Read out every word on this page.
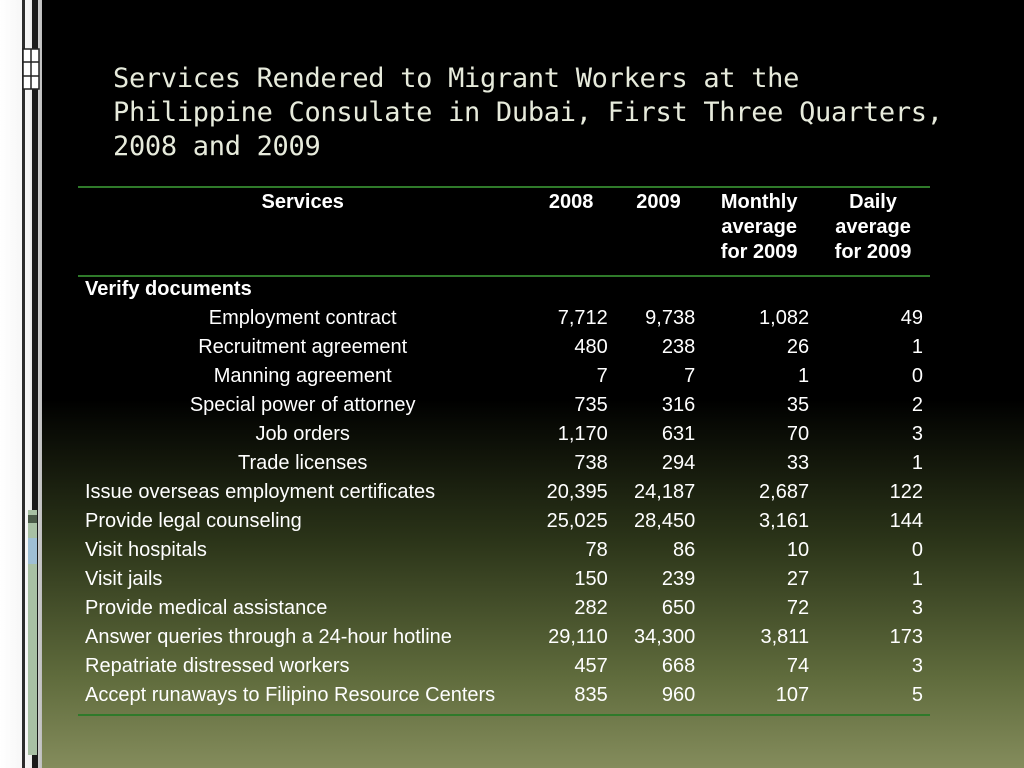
Services Rendered to Migrant Workers at the
Philippine Consulate in Dubai, First Three Quarters,
2008 and 2009
Services	2008	2009	Monthly average for 2009	Daily average for 2009
Verify documents				
Employment contract	7,712	9,738	1,082	49
Recruitment agreement	480	238	26	1
Manning agreement	7	7	1	0
Special power of attorney	735	316	35	2
Job orders	1,170	631	70	3
Trade licenses	738	294	33	1
Issue overseas employment certificates	20,395	24,187	2,687	122
Provide legal counseling	25,025	28,450	3,161	144
Visit hospitals	78	86	10	0
Visit jails	150	239	27	1
Provide medical assistance	282	650	72	3
Answer queries through a 24-hour hotline	29,110	34,300	3,811	173
Repatriate distressed workers	457	668	74	3
Accept runaways to Filipino Resource Centers	835	960	107	5
